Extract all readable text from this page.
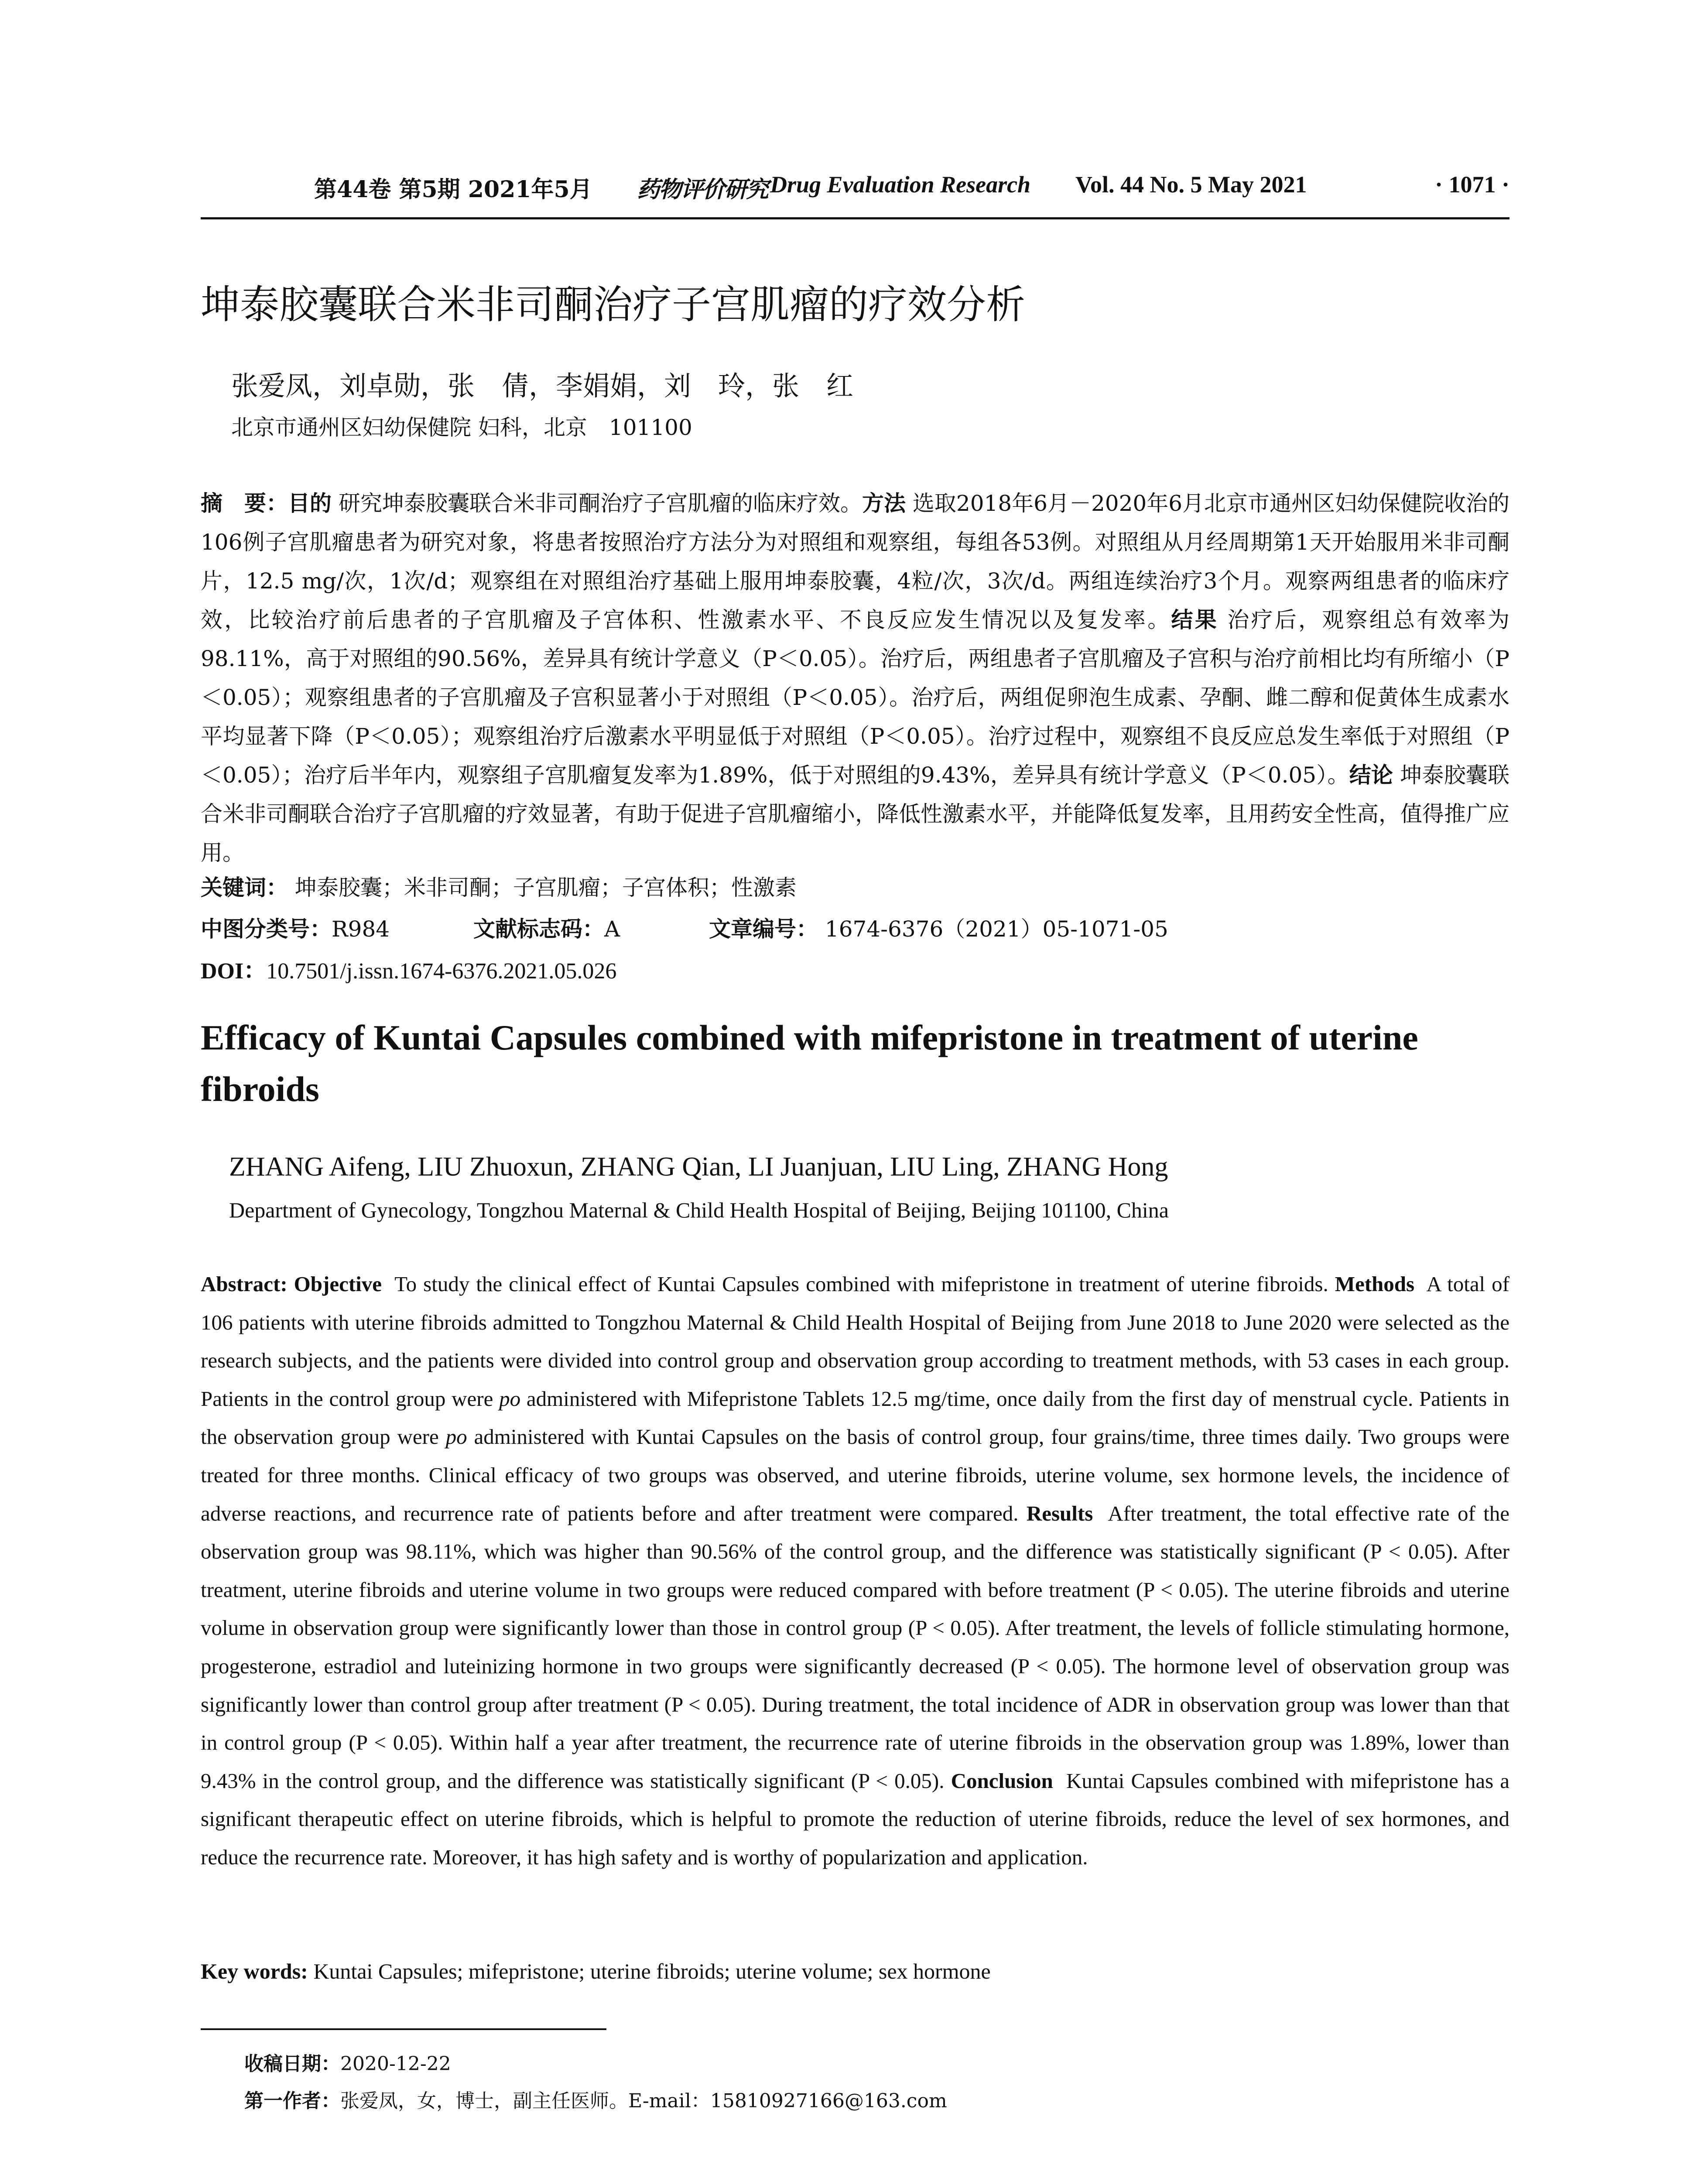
第44卷 第5期 2021年5月 药物评价研究 Drug Evaluation Research Vol. 44 No. 5 May 2021	· 1071 ·
坤泰胶囊联合米非司酮治疗子宫肌瘤的疗效分析
张爱凤，刘卓勋，张　倩，李娟娟，刘　玲，张　红
北京市通州区妇幼保健院 妇科，北京　101100
摘　要：目的 研究坤泰胶囊联合米非司酮治疗子宫肌瘤的临床疗效。方法 选取2018年6月－2020年6月北京市通州区妇幼保健院收治的106例子宫肌瘤患者为研究对象，将患者按照治疗方法分为对照组和观察组，每组各53例。对照组从月经周期第1天开始服用米非司酮片，12.5 mg/次，1次/d；观察组在对照组治疗基础上服用坤泰胶囊，4粒/次，3次/d。两组连续治疗3个月。观察两组患者的临床疗效，比较治疗前后患者的子宫肌瘤及子宫体积、性激素水平、不良反应发生情况以及复发率。结果 治疗后，观察组总有效率为98.11%，高于对照组的90.56%，差异具有统计学意义（P＜0.05）。治疗后，两组患者子宫肌瘤及子宫积与治疗前相比均有所缩小（P＜0.05）；观察组患者的子宫肌瘤及子宫积显著小于对照组（P＜0.05）。治疗后，两组促卵泡生成素、孕酮、雌二醇和促黄体生成素水平均显著下降（P＜0.05）；观察组治疗后激素水平明显低于对照组（P＜0.05）。治疗过程中，观察组不良反应总发生率低于对照组（P＜0.05）；治疗后半年内，观察组子宫肌瘤复发率为1.89%，低于对照组的9.43%，差异具有统计学意义（P＜0.05）。结论 坤泰胶囊联合米非司酮联合治疗子宫肌瘤的疗效显著，有助于促进子宫肌瘤缩小，降低性激素水平，并能降低复发率，且用药安全性高，值得推广应用。
关键词： 坤泰胶囊；米非司酮；子宫肌瘤；子宫体积；性激素
中图分类号：R984	文献标志码：A	文章编号： 1674-6376（2021）05-1071-05
DOI：10.7501/j.issn.1674-6376.2021.05.026
Efficacy of Kuntai Capsules combined with mifepristone in treatment of uterine fibroids
ZHANG Aifeng, LIU Zhuoxun, ZHANG Qian, LI Juanjuan, LIU Ling, ZHANG Hong
Department of Gynecology, Tongzhou Maternal & Child Health Hospital of Beijing, Beijing 101100, China
Abstract: Objective To study the clinical effect of Kuntai Capsules combined with mifepristone in treatment of uterine fibroids. Methods A total of 106 patients with uterine fibroids admitted to Tongzhou Maternal & Child Health Hospital of Beijing from June 2018 to June 2020 were selected as the research subjects, and the patients were divided into control group and observation group according to treatment methods, with 53 cases in each group. Patients in the control group were po administered with Mifepristone Tablets 12.5 mg/time, once daily from the first day of menstrual cycle. Patients in the observation group were po administered with Kuntai Capsules on the basis of control group, four grains/time, three times daily. Two groups were treated for three months. Clinical efficacy of two groups was observed, and uterine fibroids, uterine volume, sex hormone levels, the incidence of adverse reactions, and recurrence rate of patients before and after treatment were compared. Results After treatment, the total effective rate of the observation group was 98.11%, which was higher than 90.56% of the control group, and the difference was statistically significant (P < 0.05). After treatment, uterine fibroids and uterine volume in two groups were reduced compared with before treatment (P < 0.05). The uterine fibroids and uterine volume in observation group were significantly lower than those in control group (P < 0.05). After treatment, the levels of follicle stimulating hormone, progesterone, estradiol and luteinizing hormone in two groups were significantly decreased (P < 0.05). The hormone level of observation group was significantly lower than control group after treatment (P < 0.05). During treatment, the total incidence of ADR in observation group was lower than that in control group (P < 0.05). Within half a year after treatment, the recurrence rate of uterine fibroids in the observation group was 1.89%, lower than 9.43% in the control group, and the difference was statistically significant (P < 0.05). Conclusion Kuntai Capsules combined with mifepristone has a significant therapeutic effect on uterine fibroids, which is helpful to promote the reduction of uterine fibroids, reduce the level of sex hormones, and reduce the recurrence rate. Moreover, it has high safety and is worthy of popularization and application.
Key words: Kuntai Capsules; mifepristone; uterine fibroids; uterine volume; sex hormone
收稿日期：2020-12-22
第一作者：张爱凤，女，博士，副主任医师。E-mail：15810927166@163.com
